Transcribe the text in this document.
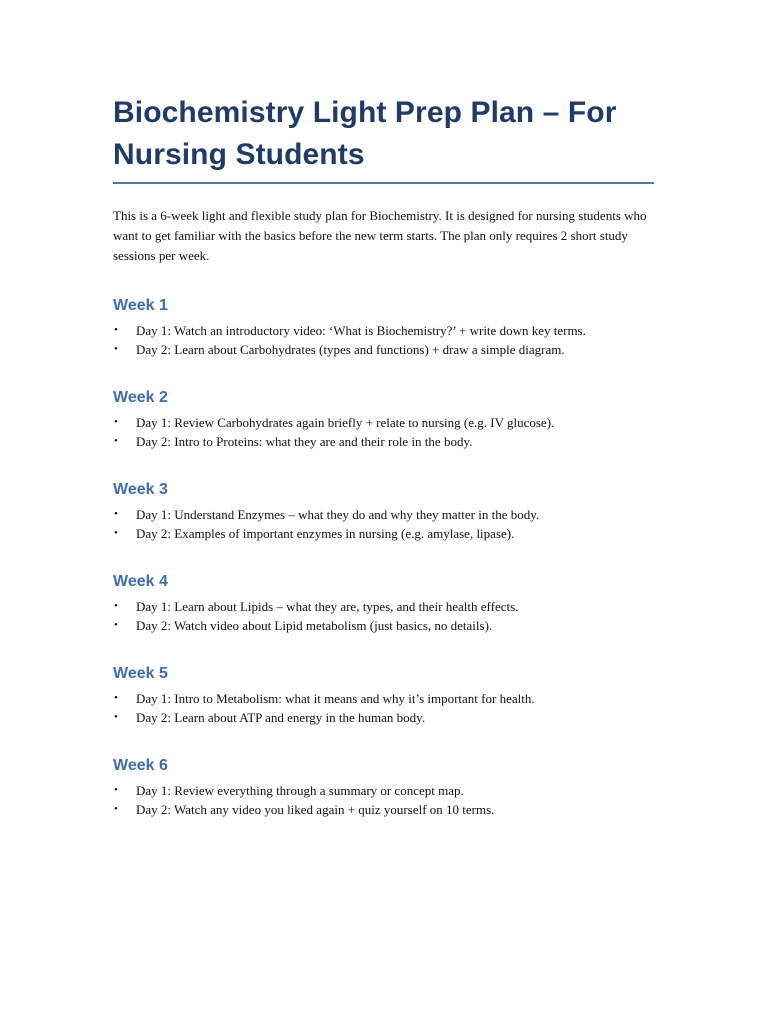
Biochemistry Light Prep Plan – For Nursing Students

This is a 6-week light and flexible study plan for Biochemistry. It is designed for nursing students who want to get familiar with the basics before the new term starts. The plan only requires 2 short study sessions per week.

Week 1
• Day 1: Watch an introductory video: ‘What is Biochemistry?’ + write down key terms.
• Day 2: Learn about Carbohydrates (types and functions) + draw a simple diagram.
Week 2
• Day 1: Review Carbohydrates again briefly + relate to nursing (e.g. IV glucose).
• Day 2: Intro to Proteins: what they are and their role in the body.
Week 3
• Day 1: Understand Enzymes – what they do and why they matter in the body.
• Day 2: Examples of important enzymes in nursing (e.g. amylase, lipase).
Week 4
• Day 1: Learn about Lipids – what they are, types, and their health effects.
• Day 2: Watch video about Lipid metabolism (just basics, no details).
Week 5
• Day 1: Intro to Metabolism: what it means and why it’s important for health.
• Day 2: Learn about ATP and energy in the human body.
Week 6
• Day 1: Review everything through a summary or concept map.
• Day 2: Watch any video you liked again + quiz yourself on 10 terms.
